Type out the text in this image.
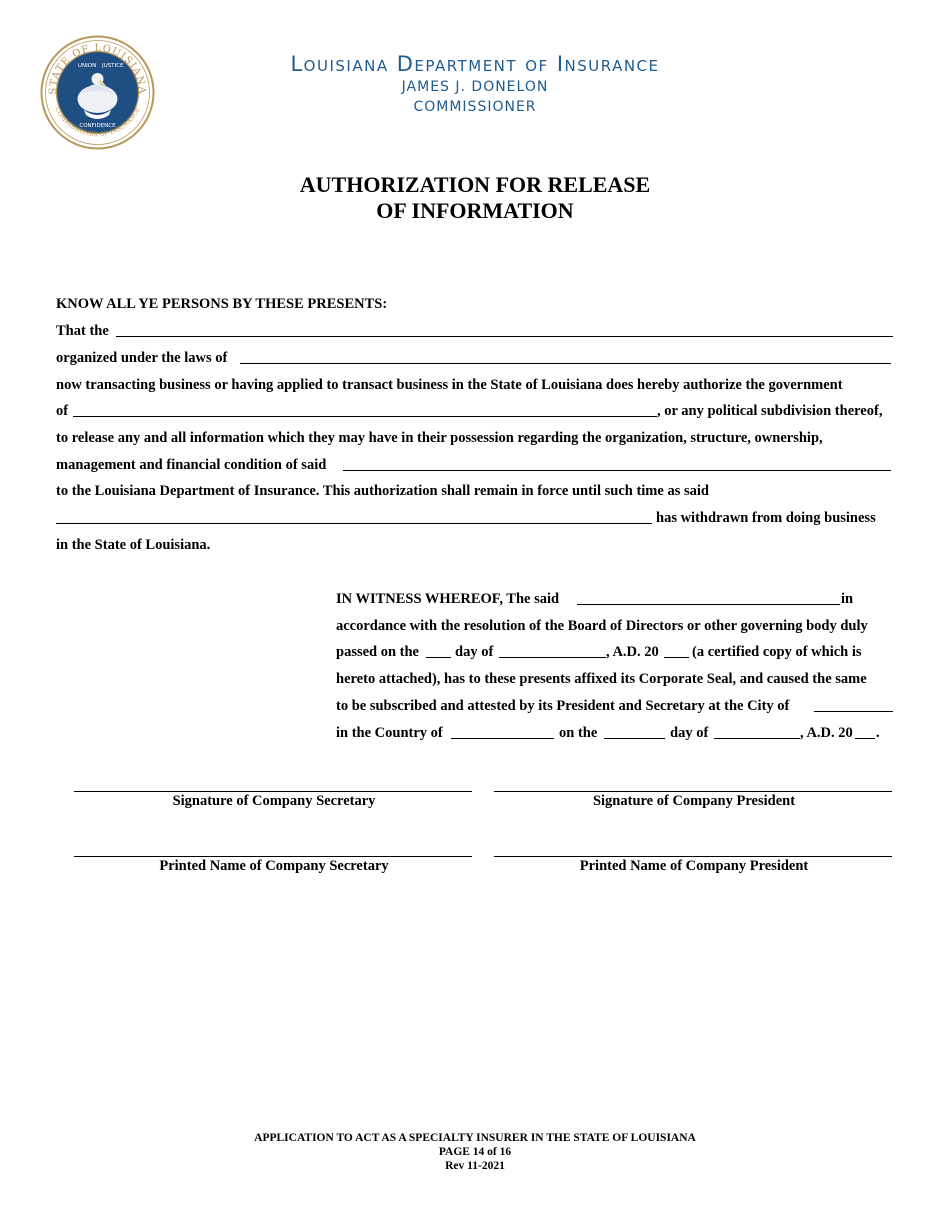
STATE OF LOUISIANA
COMMISSIONER OF INSURANCE
UNION JUSTICE
CONFIDENCE
Louisiana Department of Insurance
JAMES J. DONELON
COMMISSIONER
AUTHORIZATION FOR RELEASE
OF INFORMATION
KNOW ALL YE PERSONS BY THESE PRESENTS:
That the
organized under the laws of
now transacting business or having applied to transact business in the State of Louisiana does hereby authorize the government
of	, or any political subdivision thereof,
to release any and all information which they may have in their possession regarding the organization, structure, ownership,
management and financial condition of said
to the Louisiana Department of Insurance. This authorization shall remain in force until such time as said
has withdrawn from doing business
in the State of Louisiana.
IN WITNESS WHEREOF, The said	in
accordance with the resolution of the Board of Directors or other governing body duly
passed on the day of	, A.D. 20 (a certified copy of which is
hereto attached), has to these presents affixed its Corporate Seal, and caused the same
to be subscribed and attested by its President and Secretary at the City of
in the Country of	on the	day of	, A.D. 20 .
Signature of Company Secretary	Signature of Company President
Printed Name of Company Secretary	Printed Name of Company President
APPLICATION TO ACT AS A SPECIALTY INSURER IN THE STATE OF LOUISIANA
PAGE 14 of 16
Rev 11-2021
